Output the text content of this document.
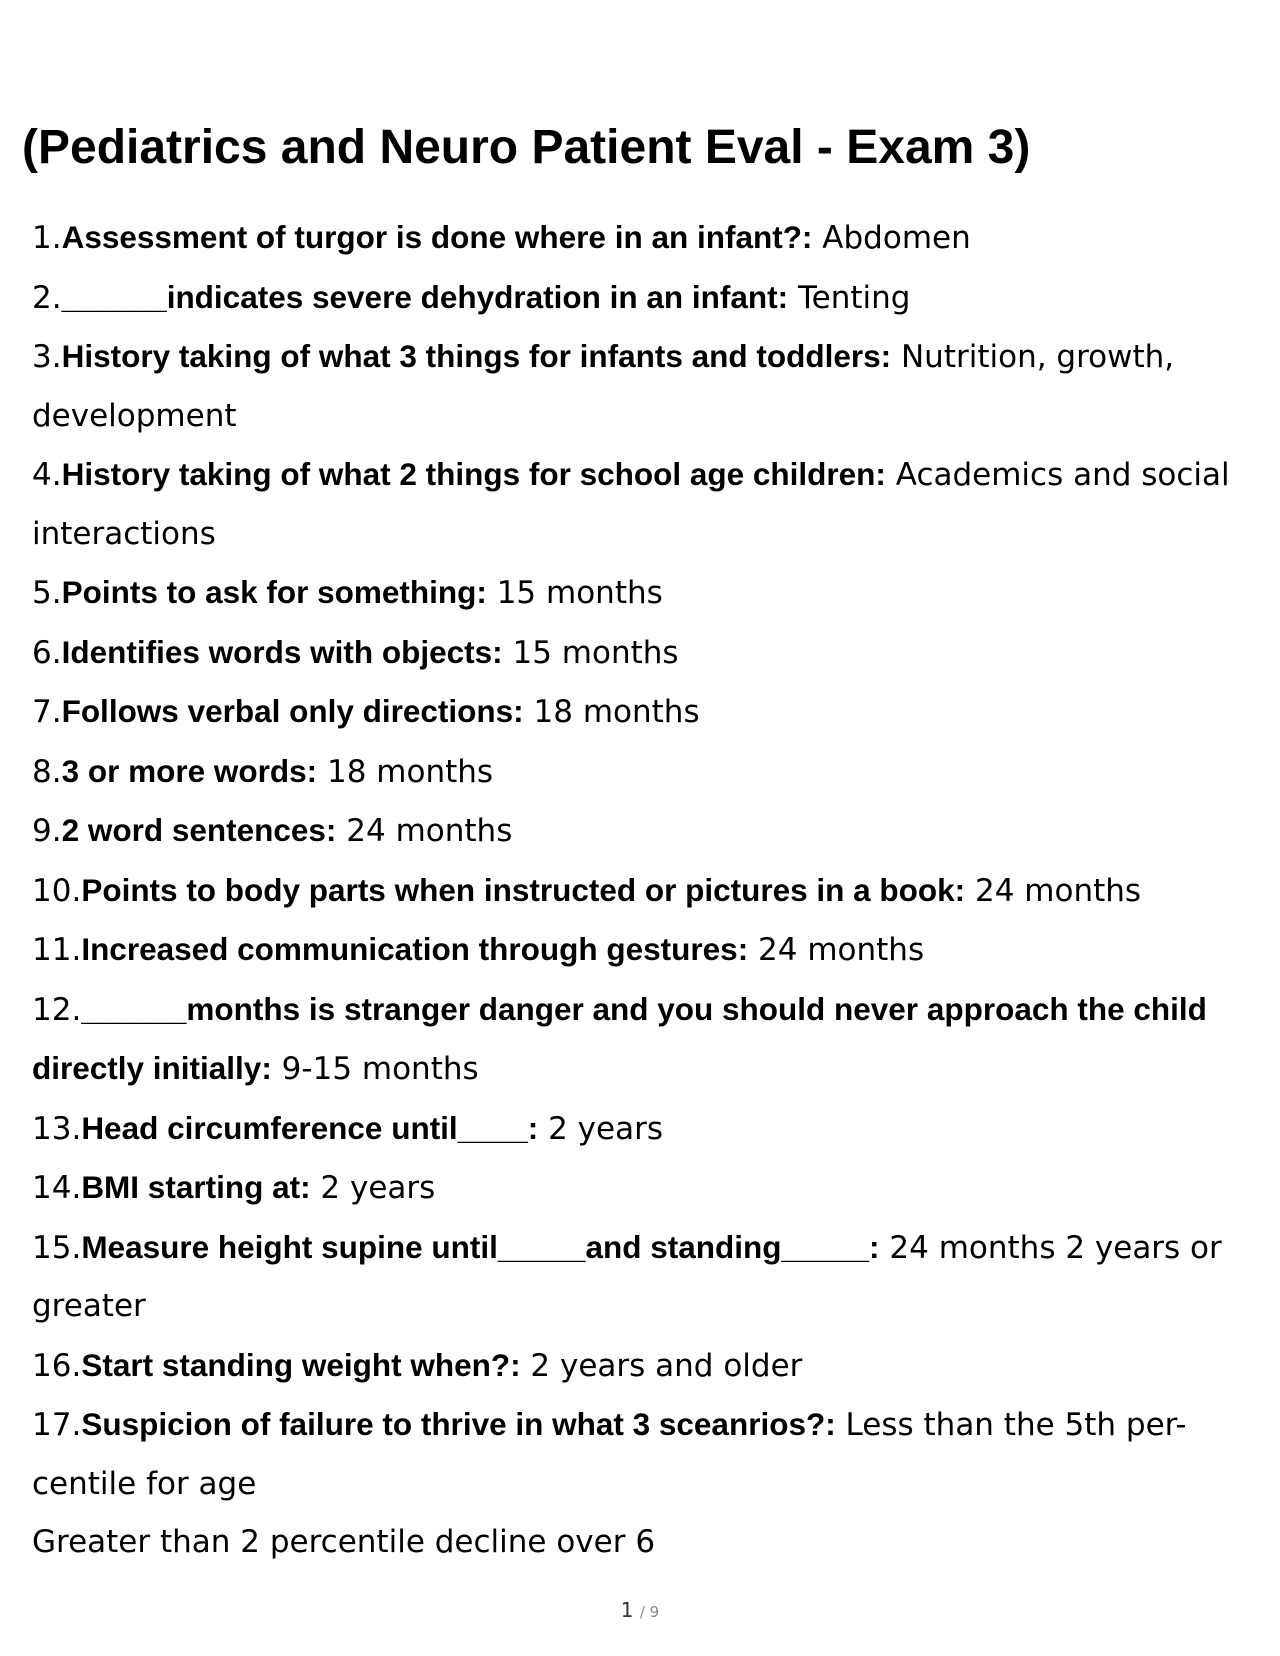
(Pediatrics and Neuro Patient Eval - Exam 3)
1.Assessment of turgor is done where in an infant?: Abdomen
2.______indicates severe dehydration in an infant: Tenting
3.History taking of what 3 things for infants and toddlers: Nutrition, growth, development
4.History taking of what 2 things for school age children: Academics and social interactions
5.Points to ask for something: 15 months
6.Identifies words with objects: 15 months
7.Follows verbal only directions: 18 months
8.3 or more words: 18 months
9.2 word sentences: 24 months
10.Points to body parts when instructed or pictures in a book: 24 months
11.Increased communication through gestures: 24 months
12.______months is stranger danger and you should never approach the child directly initially: 9-15 months
13.Head circumference until____: 2 years
14.BMI starting at: 2 years
15.Measure height supine until_____and standing_____: 24 months 2 years or greater
16.Start standing weight when?: 2 years and older
17.Suspicion of failure to thrive in what 3 sceanrios?: Less than the 5th per- centile for age
Greater than 2 percentile decline over 6
1 / 9
